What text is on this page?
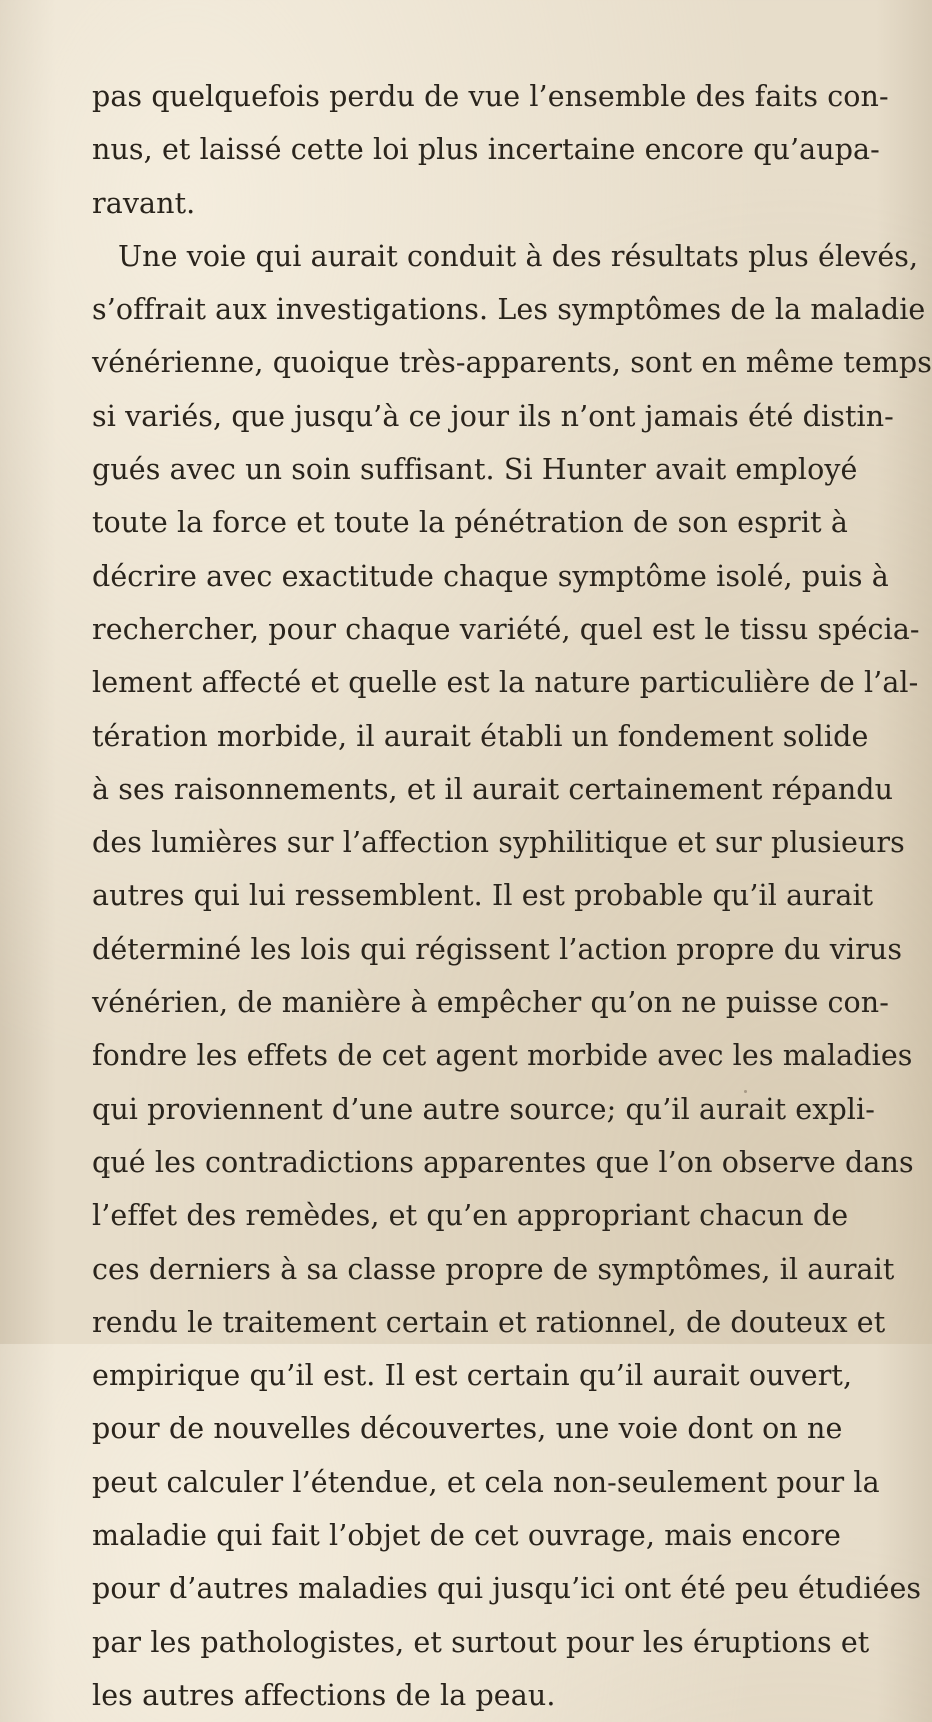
pas quelquefois perdu de vue l’ensemble des faits con-
nus, et laissé cette loi plus incertaine encore qu’aupa-
ravant.
Une voie qui aurait conduit à des résultats plus élevés,
s’offrait aux investigations. Les symptômes de la maladie
vénérienne, quoique très-apparents, sont en même temps
si variés, que jusqu’à ce jour ils n’ont jamais été distin-
gués avec un soin suffisant. Si Hunter avait employé
toute la force et toute la pénétration de son esprit à
décrire avec exactitude chaque symptôme isolé, puis à
rechercher, pour chaque variété, quel est le tissu spécia-
lement affecté et quelle est la nature particulière de l’al-
tération morbide, il aurait établi un fondement solide
à ses raisonnements, et il aurait certainement répandu
des lumières sur l’affection syphilitique et sur plusieurs
autres qui lui ressemblent. Il est probable qu’il aurait
déterminé les lois qui régissent l’action propre du virus
vénérien, de manière à empêcher qu’on ne puisse con-
fondre les effets de cet agent morbide avec les maladies
qui proviennent d’une autre source; qu’il aurait expli-
qué les contradictions apparentes que l’on observe dans
l’effet des remèdes, et qu’en appropriant chacun de
ces derniers à sa classe propre de symptômes, il aurait
rendu le traitement certain et rationnel, de douteux et
empirique qu’il est. Il est certain qu’il aurait ouvert,
pour de nouvelles découvertes, une voie dont on ne
peut calculer l’étendue, et cela non-seulement pour la
maladie qui fait l’objet de cet ouvrage, mais encore
pour d’autres maladies qui jusqu’ici ont été peu étudiées
par les pathologistes, et surtout pour les éruptions et
les autres affections de la peau.
